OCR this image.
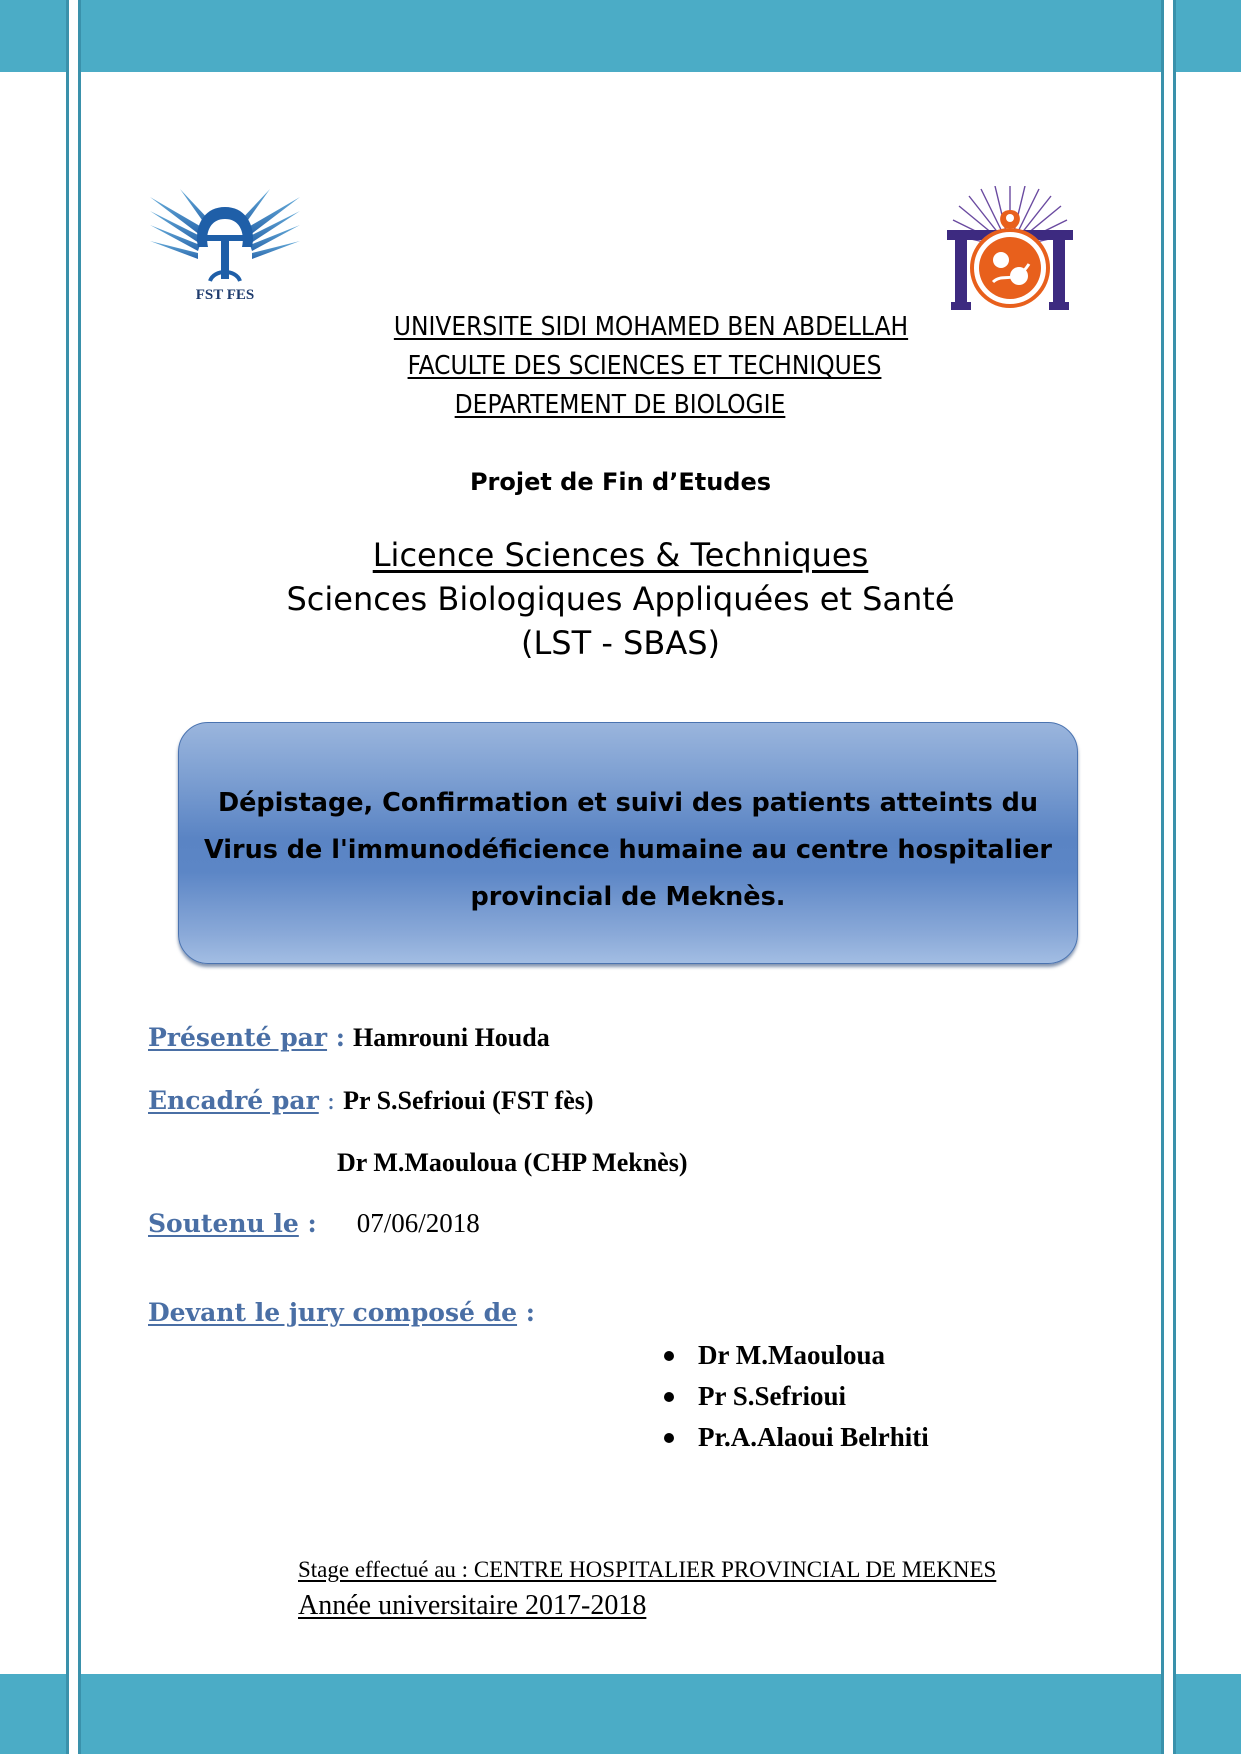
FST FES
UNIVERSITE SIDI MOHAMED BEN ABDELLAH
FACULTE DES SCIENCES ET TECHNIQUES
DEPARTEMENT DE BIOLOGIE
Projet de Fin d’Etudes
Licence Sciences & Techniques
Sciences Biologiques Appliquées et Santé
(LST - SBAS)
Dépistage, Confirmation et suivi des patients atteints du
Virus de l'immunodéficience humaine au centre hospitalier
provincial de Meknès.
Présenté par : Hamrouni Houda
Encadré par : Pr S.Sefrioui (FST fès)
Dr M.Maouloua (CHP Meknès)
Soutenu le : 07/06/2018
Devant le jury composé de :
Dr M.Maouloua
Pr S.Sefrioui
Pr.A.Alaoui Belrhiti
Stage effectué au : CENTRE HOSPITALIER PROVINCIAL DE MEKNES
Année universitaire 2017-2018
